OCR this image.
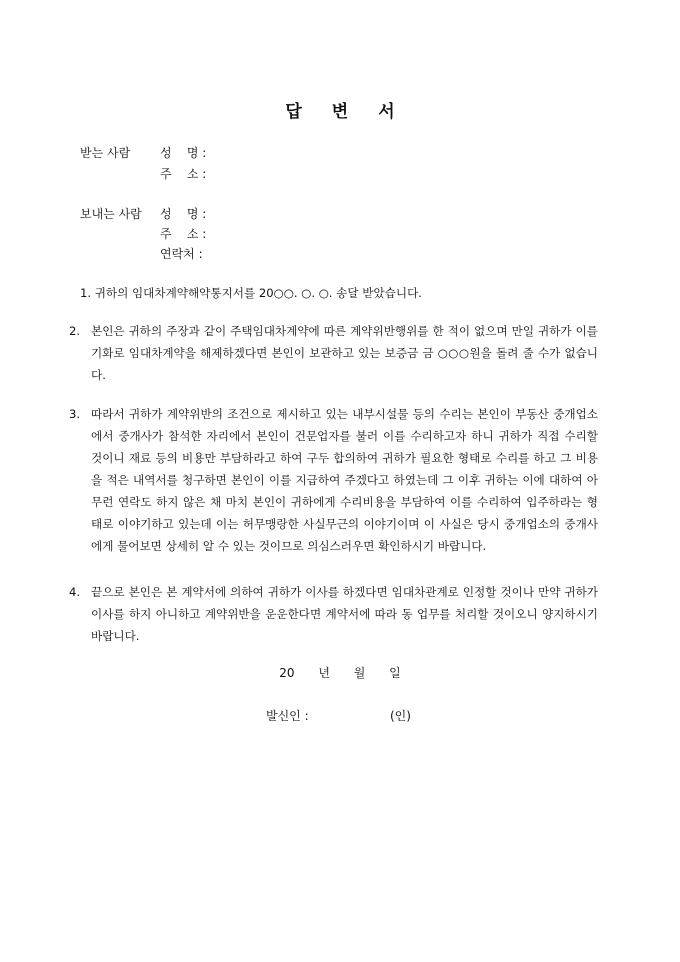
답 변 서
받는 사람 성    명 :
주    소 :
보내는 사람 성    명 :
주    소 :
연락처 :
1. 귀하의 임대차계약해약통지서를 20○○. ○. ○. 송달 받았습니다.
2. 본인은 귀하의 주장과 같이 주택임대차계약에 따른 계약위반행위를 한 적이 없으며 만일 귀하가 이를 기화로 임대차계약을 해제하겠다면 본인이 보관하고 있는 보증금 금 ○○○원을 돌려 줄 수가 없습니다.
3. 따라서 귀하가 계약위반의 조건으로 제시하고 있는 내부시설물 등의 수리는 본인이 부동산 중개업소에서 중개사가 참석한 자리에서 본인이 건문업자를 불러 이를 수리하고자 하니 귀하가 직접 수리할 것이니 재료 등의 비용만 부담하라고 하여 구두 합의하여 귀하가 필요한 형태로 수리를 하고 그 비용을 적은 내역서를 청구하면 본인이 이를 지급하여 주겠다고 하였는데 그 이후 귀하는 이에 대하여 아무런 연락도 하지 않은 채 마치 본인이 귀하에게 수리비용을 부담하여 이를 수리하여 입주하라는 형태로 이야기하고 있는데 이는 허무맹랑한 사실무근의 이야기이며 이 사실은 당시 중개업소의 중개사에게 물어보면 상세히 알 수 있는 것이므로 의심스러우면 확인하시기 바랍니다.
4. 끝으로 본인은 본 계약서에 의하여 귀하가 이사를 하겠다면 임대차관계로 인정할 것이나 만약 귀하가 이사를 하지 아니하고 계약위반을 운운한다면 계약서에 따라 동 업무를 처리할 것이오니 양지하시기 바랍니다.
20 년 월 일
발신인 :	(인)
